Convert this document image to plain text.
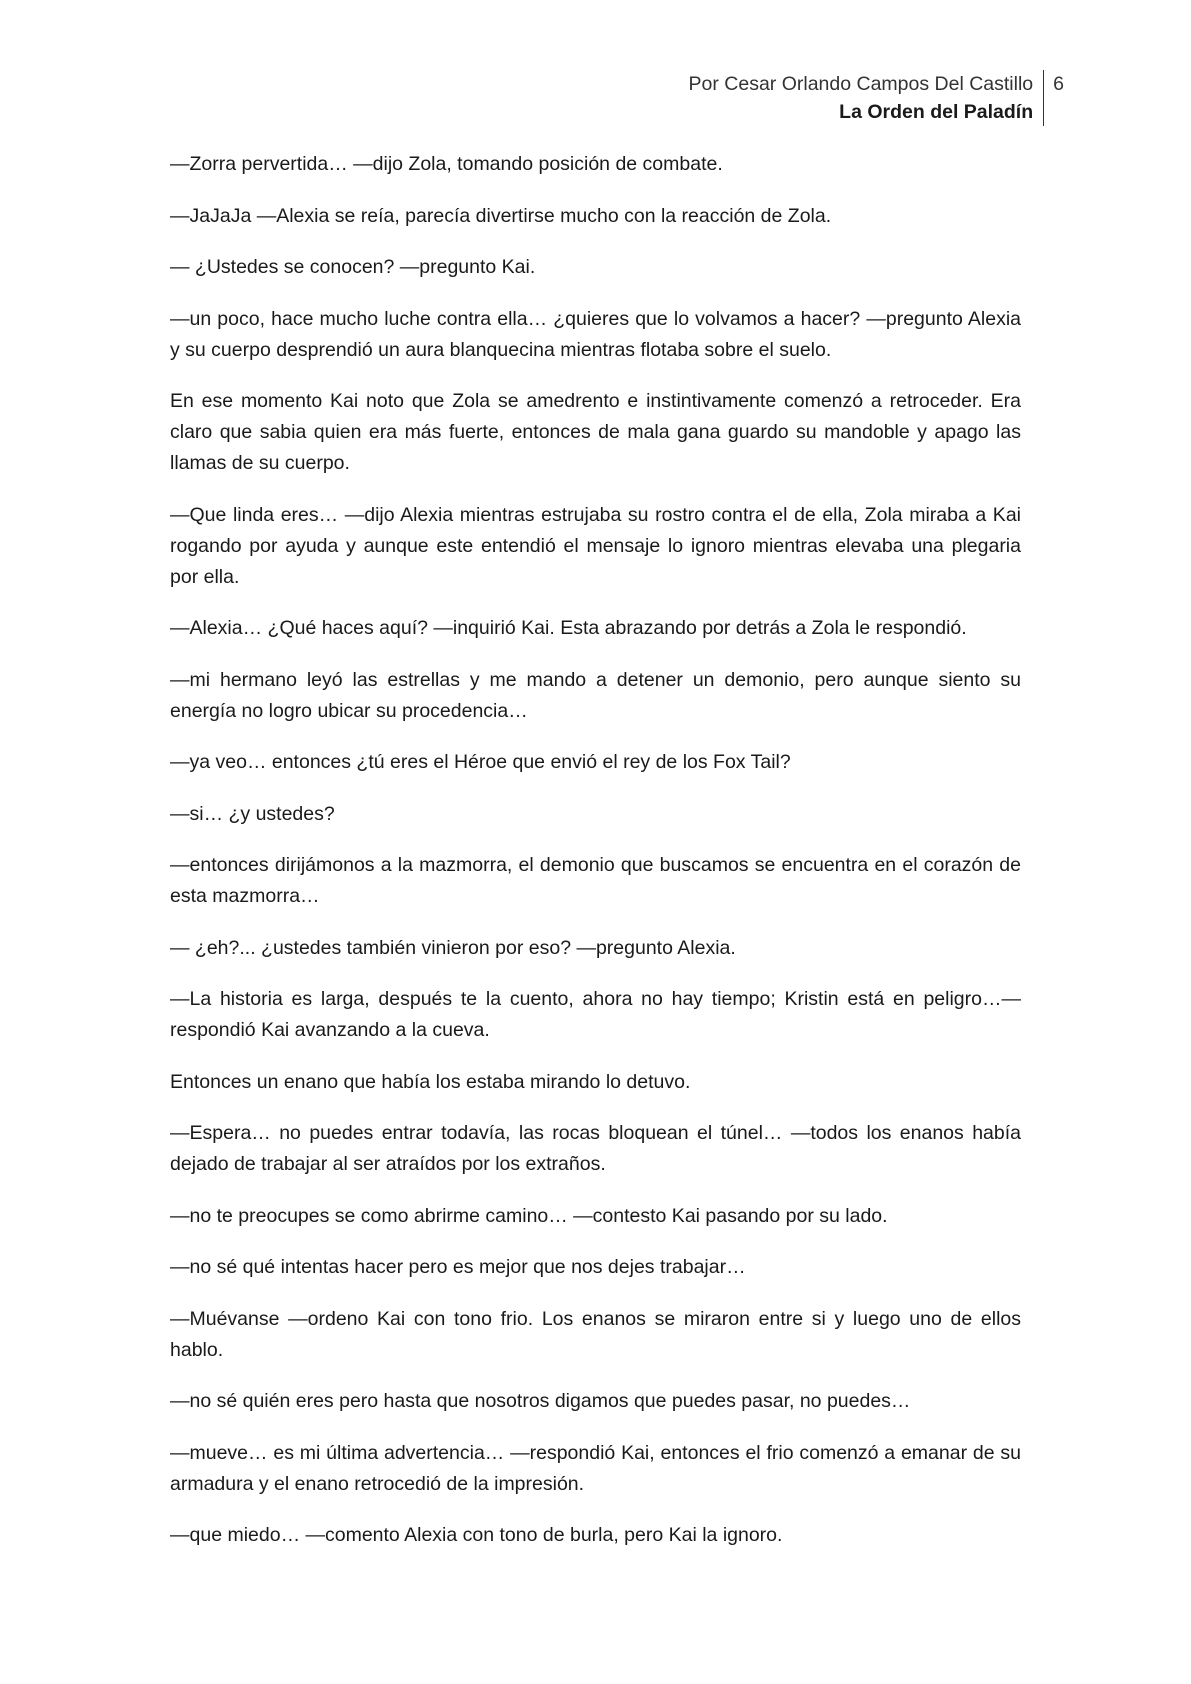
Por Cesar Orlando Campos Del Castillo
La Orden del Paladín
6

—Zorra pervertida… —dijo Zola, tomando posición de combate.

—JaJaJa —Alexia se reía, parecía divertirse mucho con la reacción de Zola.

— ¿Ustedes se conocen? —pregunto Kai.

—un poco, hace mucho luche contra ella… ¿quieres que lo volvamos a hacer? —pregunto Alexia y su cuerpo desprendió un aura blanquecina mientras flotaba sobre el suelo.

En ese momento Kai noto que Zola se amedrento e instintivamente comenzó a retroceder. Era claro que sabia quien era más fuerte, entonces de mala gana guardo su mandoble y apago las llamas de su cuerpo.

—Que linda eres… —dijo Alexia mientras estrujaba su rostro contra el de ella, Zola miraba a Kai rogando por ayuda y aunque este entendió el mensaje lo ignoro mientras elevaba una plegaria por ella.

—Alexia… ¿Qué haces aquí? —inquirió Kai. Esta abrazando por detrás a Zola le respondió.

—mi hermano leyó las estrellas y me mando a detener un demonio, pero aunque siento su energía no logro ubicar su procedencia…

—ya veo… entonces ¿tú eres el Héroe que envió el rey de los Fox Tail?

—si… ¿y ustedes?

—entonces dirijámonos a la mazmorra, el demonio que buscamos se encuentra en el corazón de esta mazmorra…

— ¿eh?... ¿ustedes también vinieron por eso? —pregunto Alexia.

—La historia es larga, después te la cuento, ahora no hay tiempo; Kristin está en peligro…— respondió Kai avanzando a la cueva.

Entonces un enano que había los estaba mirando lo detuvo.

—Espera… no puedes entrar todavía, las rocas bloquean el túnel… —todos los enanos había dejado de trabajar al ser atraídos por los extraños.

—no te preocupes se como abrirme camino… —contesto Kai pasando por su lado.

—no sé qué intentas hacer pero es mejor que nos dejes trabajar…

—Muévanse —ordeno Kai con tono frio. Los enanos se miraron entre si y luego uno de ellos hablo.

—no sé quién eres pero hasta que nosotros digamos que puedes pasar, no puedes…

—mueve… es mi última advertencia… —respondió Kai, entonces el frio comenzó a emanar de su armadura y el enano retrocedió de la impresión.

—que miedo… —comento Alexia con tono de burla, pero Kai la ignoro.
